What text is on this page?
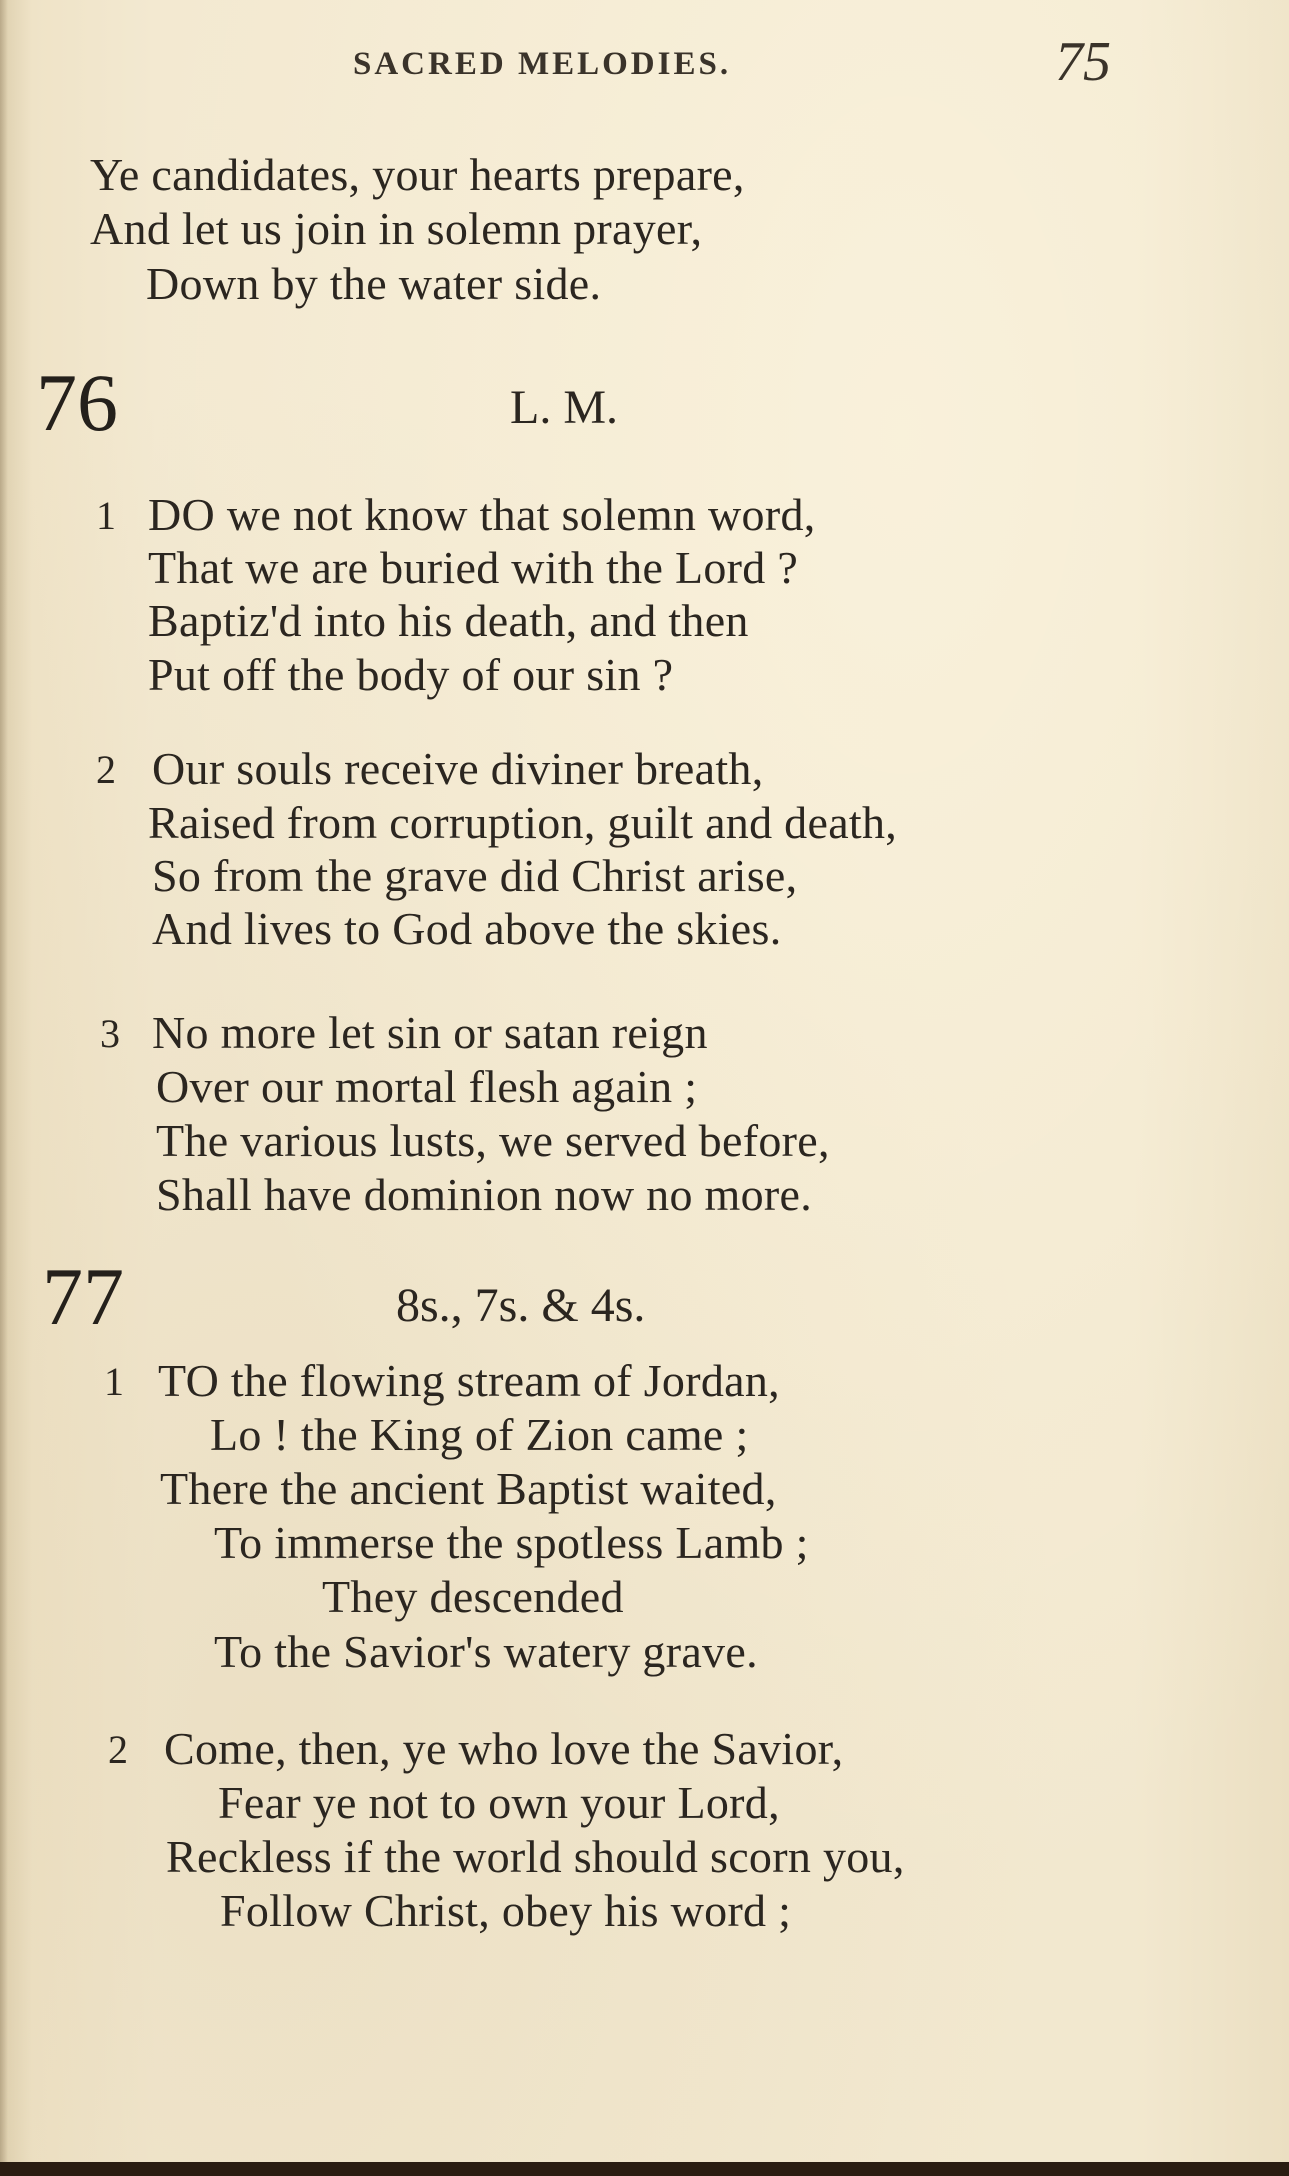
SACRED MELODIES.	75
Ye candidates, your hearts prepare,
And let us join in solemn prayer,
Down by the water side.
76	L. M.
1 DO we not know that solemn word,
That we are buried with the Lord ?
Baptiz'd into his death, and then
Put off the body of our sin ?
2 Our souls receive diviner breath,
Raised from corruption, guilt and death,
So from the grave did Christ arise,
And lives to God above the skies.
3 No more let sin or satan reign
Over our mortal flesh again ;
The various lusts, we served before,
Shall have dominion now no more.
77	8s., 7s. & 4s.
1 TO the flowing stream of Jordan,
Lo ! the King of Zion came ;
There the ancient Baptist waited,
To immerse the spotless Lamb ;
They descended
To the Savior's watery grave.
2 Come, then, ye who love the Savior,
Fear ye not to own your Lord,
Reckless if the world should scorn you,
Follow Christ, obey his word ;
